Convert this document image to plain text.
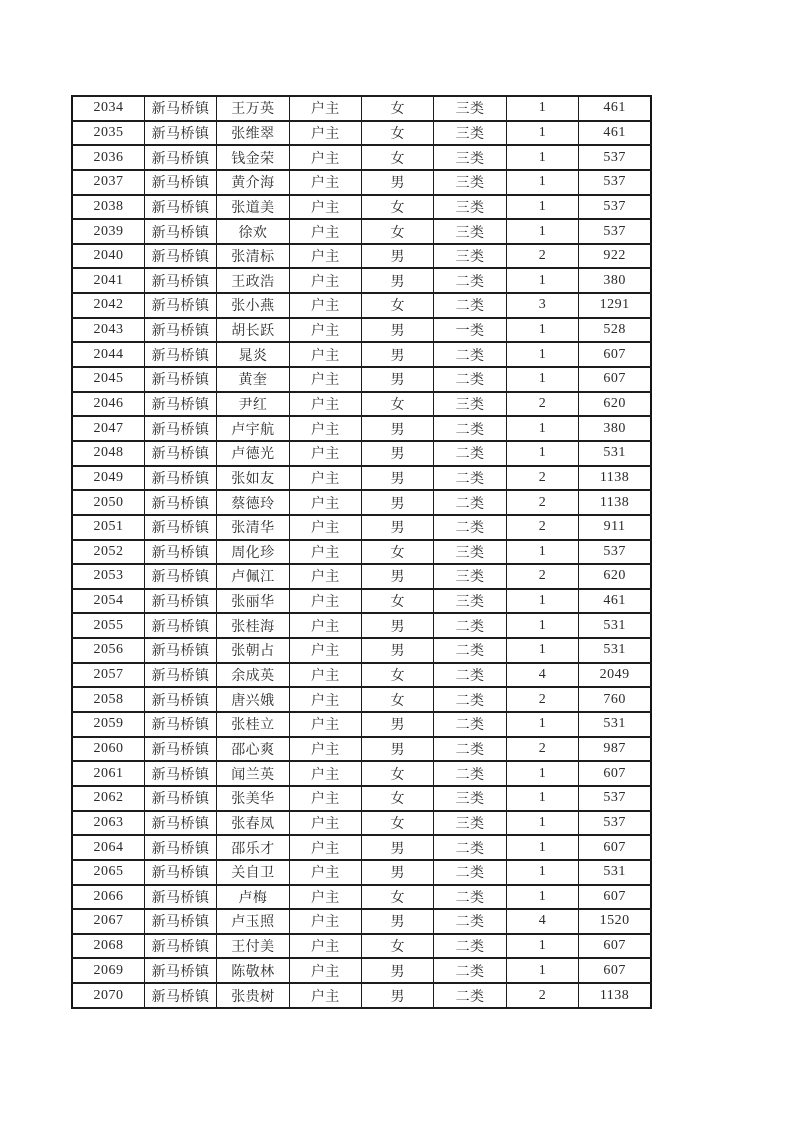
2034	新马桥镇	王万英	户主	女	三类	1	461
2035	新马桥镇	张维翠	户主	女	三类	1	461
2036	新马桥镇	钱金荣	户主	女	三类	1	537
2037	新马桥镇	黄介海	户主	男	三类	1	537
2038	新马桥镇	张道美	户主	女	三类	1	537
2039	新马桥镇	徐欢	户主	女	三类	1	537
2040	新马桥镇	张清标	户主	男	三类	2	922
2041	新马桥镇	王政浩	户主	男	二类	1	380
2042	新马桥镇	张小燕	户主	女	二类	3	1291
2043	新马桥镇	胡长跃	户主	男	一类	1	528
2044	新马桥镇	晁炎	户主	男	二类	1	607
2045	新马桥镇	黄奎	户主	男	二类	1	607
2046	新马桥镇	尹红	户主	女	三类	2	620
2047	新马桥镇	卢宇航	户主	男	二类	1	380
2048	新马桥镇	卢德光	户主	男	二类	1	531
2049	新马桥镇	张如友	户主	男	二类	2	1138
2050	新马桥镇	蔡德玲	户主	男	二类	2	1138
2051	新马桥镇	张清华	户主	男	二类	2	911
2052	新马桥镇	周化珍	户主	女	三类	1	537
2053	新马桥镇	卢佩江	户主	男	三类	2	620
2054	新马桥镇	张丽华	户主	女	三类	1	461
2055	新马桥镇	张桂海	户主	男	二类	1	531
2056	新马桥镇	张朝占	户主	男	二类	1	531
2057	新马桥镇	余成英	户主	女	二类	4	2049
2058	新马桥镇	唐兴娥	户主	女	二类	2	760
2059	新马桥镇	张桂立	户主	男	二类	1	531
2060	新马桥镇	邵心爽	户主	男	二类	2	987
2061	新马桥镇	闻兰英	户主	女	二类	1	607
2062	新马桥镇	张美华	户主	女	三类	1	537
2063	新马桥镇	张春凤	户主	女	三类	1	537
2064	新马桥镇	邵乐才	户主	男	二类	1	607
2065	新马桥镇	关自卫	户主	男	二类	1	531
2066	新马桥镇	卢梅	户主	女	二类	1	607
2067	新马桥镇	卢玉照	户主	男	二类	4	1520
2068	新马桥镇	王付美	户主	女	二类	1	607
2069	新马桥镇	陈敬林	户主	男	二类	1	607
2070	新马桥镇	张贵树	户主	男	二类	2	1138
